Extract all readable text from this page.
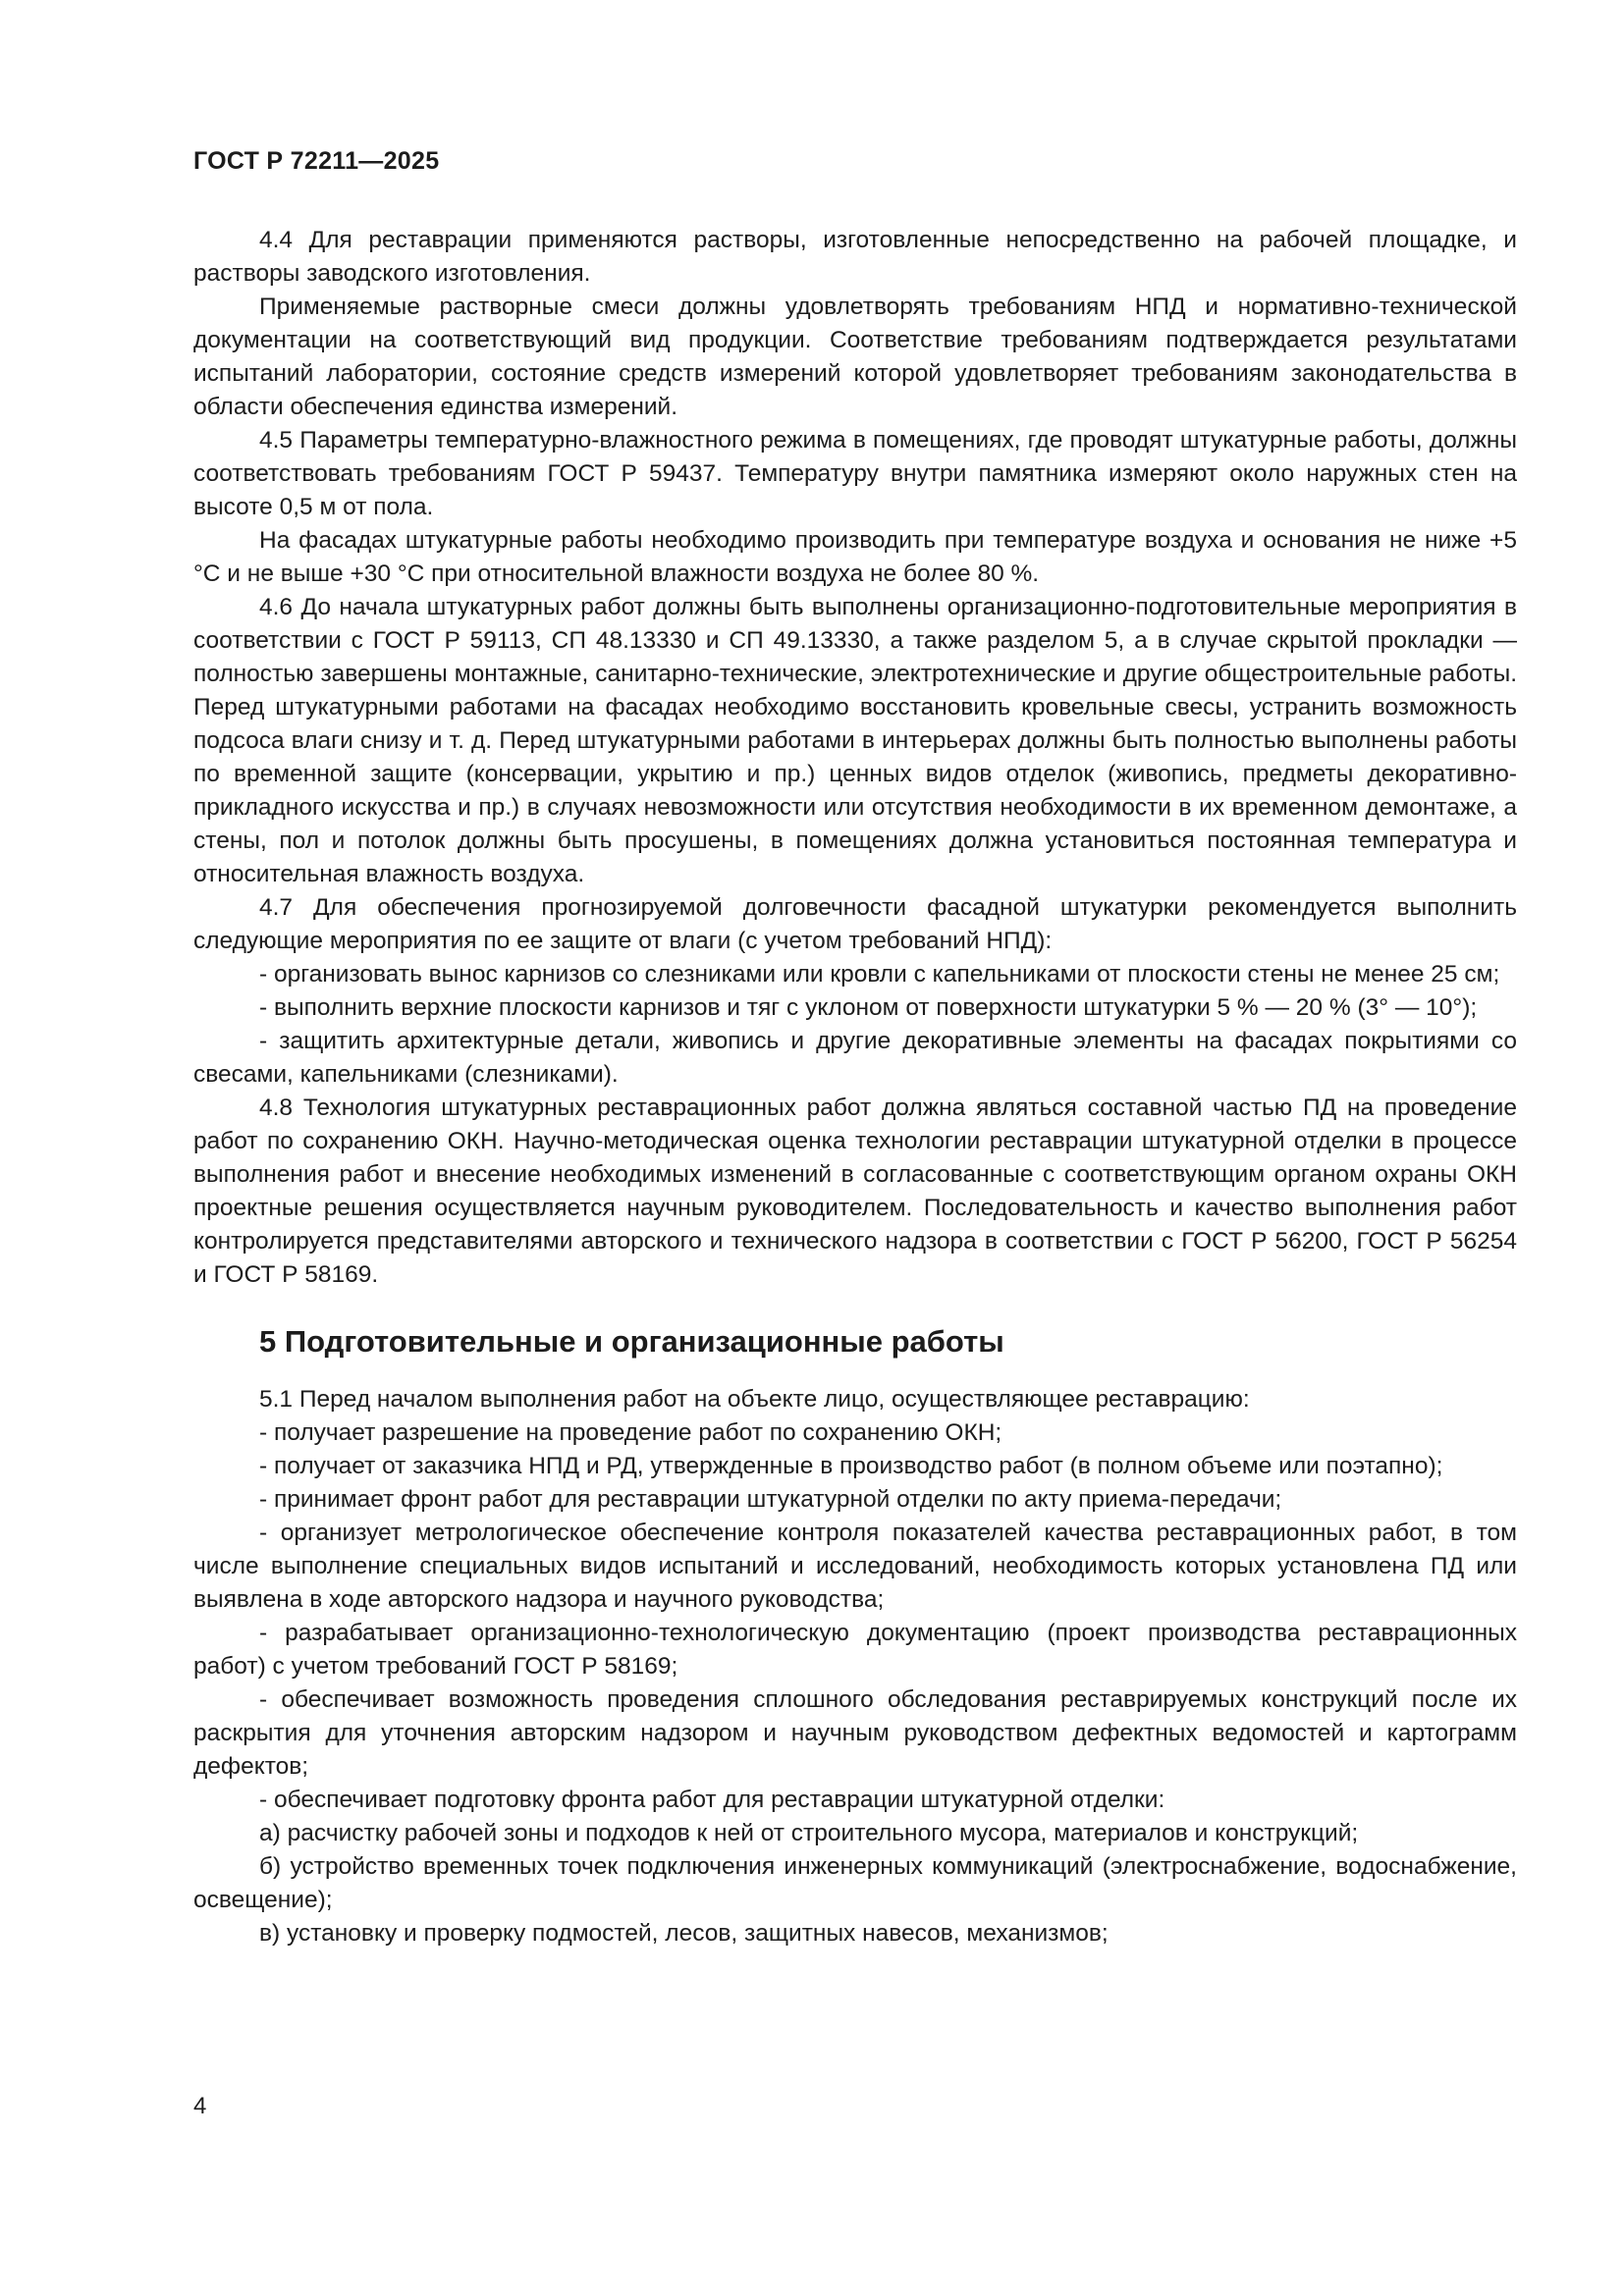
ГОСТ Р 72211—2025

4.4 Для реставрации применяются растворы, изготовленные непосредственно на рабочей площадке, и растворы заводского изготовления.

Применяемые растворные смеси должны удовлетворять требованиям НПД и нормативно-технической документации на соответствующий вид продукции. Соответствие требованиям подтверждается результатами испытаний лаборатории, состояние средств измерений которой удовлетворяет требованиям законодательства в области обеспечения единства измерений.

4.5 Параметры температурно-влажностного режима в помещениях, где проводят штукатурные работы, должны соответствовать требованиям ГОСТ Р 59437. Температуру внутри памятника измеряют около наружных стен на высоте 0,5 м от пола.

На фасадах штукатурные работы необходимо производить при температуре воздуха и основания не ниже +5 °С и не выше +30 °С при относительной влажности воздуха не более 80 %.

4.6 До начала штукатурных работ должны быть выполнены организационно-подготовительные мероприятия в соответствии с ГОСТ Р 59113, СП 48.13330 и СП 49.13330, а также разделом 5, а в случае скрытой прокладки — полностью завершены монтажные, санитарно-технические, электротехнические и другие общестроительные работы. Перед штукатурными работами на фасадах необходимо восстановить кровельные свесы, устранить возможность подсоса влаги снизу и т. д. Перед штукатурными работами в интерьерах должны быть полностью выполнены работы по временной защите (консервации, укрытию и пр.) ценных видов отделок (живопись, предметы декоративно-прикладного искусства и пр.) в случаях невозможности или отсутствия необходимости в их временном демонтаже, а стены, пол и потолок должны быть просушены, в помещениях должна установиться постоянная температура и относительная влажность воздуха.

4.7 Для обеспечения прогнозируемой долговечности фасадной штукатурки рекомендуется выполнить следующие мероприятия по ее защите от влаги (с учетом требований НПД):

- организовать вынос карнизов со слезниками или кровли с капельниками от плоскости стены не менее 25 см;

- выполнить верхние плоскости карнизов и тяг с уклоном от поверхности штукатурки 5 % — 20 % (3° — 10°);

- защитить архитектурные детали, живопись и другие декоративные элементы на фасадах покрытиями со свесами, капельниками (слезниками).

4.8 Технология штукатурных реставрационных работ должна являться составной частью ПД на проведение работ по сохранению ОКН. Научно-методическая оценка технологии реставрации штукатурной отделки в процессе выполнения работ и внесение необходимых изменений в согласованные с соответствующим органом охраны ОКН проектные решения осуществляется научным руководителем. Последовательность и качество выполнения работ контролируется представителями авторского и технического надзора в соответствии с ГОСТ Р 56200, ГОСТ Р 56254 и ГОСТ Р 58169.

5 Подготовительные и организационные работы

5.1 Перед началом выполнения работ на объекте лицо, осуществляющее реставрацию:

- получает разрешение на проведение работ по сохранению ОКН;

- получает от заказчика НПД и РД, утвержденные в производство работ (в полном объеме или поэтапно);

- принимает фронт работ для реставрации штукатурной отделки по акту приема-передачи;

- организует метрологическое обеспечение контроля показателей качества реставрационных работ, в том числе выполнение специальных видов испытаний и исследований, необходимость которых установлена ПД или выявлена в ходе авторского надзора и научного руководства;

- разрабатывает организационно-технологическую документацию (проект производства реставрационных работ) с учетом требований ГОСТ Р 58169;

- обеспечивает возможность проведения сплошного обследования реставрируемых конструкций после их раскрытия для уточнения авторским надзором и научным руководством дефектных ведомостей и картограмм дефектов;

- обеспечивает подготовку фронта работ для реставрации штукатурной отделки:

а) расчистку рабочей зоны и подходов к ней от строительного мусора, материалов и конструкций;

б) устройство временных точек подключения инженерных коммуникаций (электроснабжение, водоснабжение, освещение);

в) установку и проверку подмостей, лесов, защитных навесов, механизмов;

4
